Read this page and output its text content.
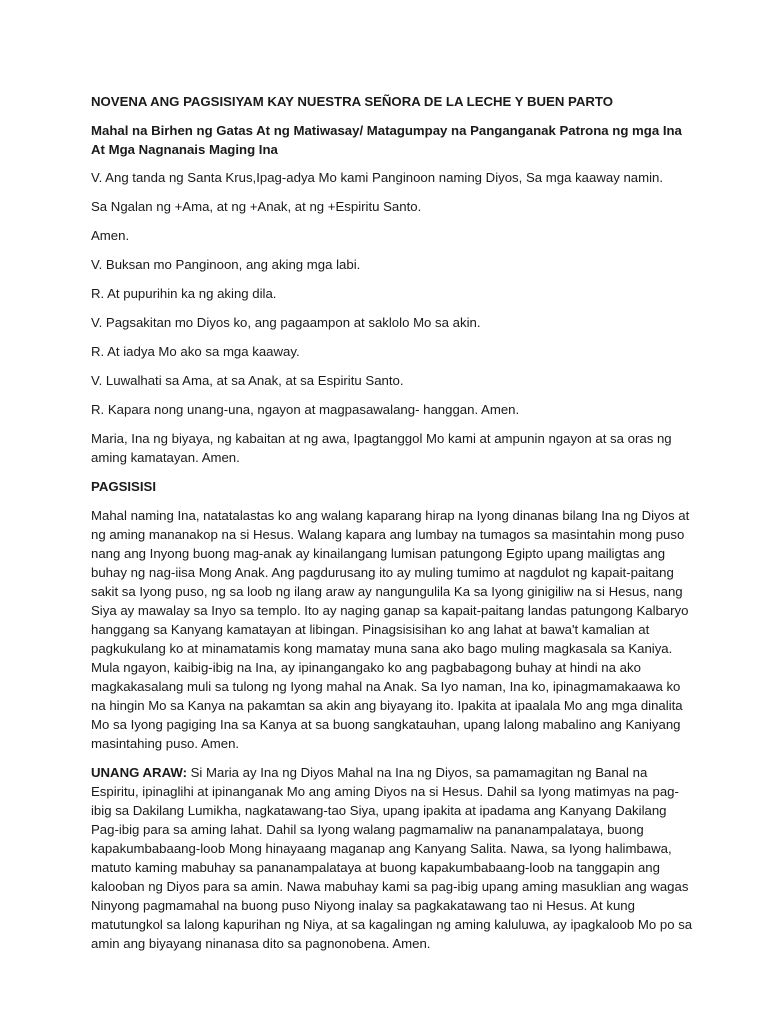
NOVENA ANG PAGSISIYAM KAY NUESTRA SEÑORA DE LA LECHE Y BUEN PARTO
Mahal na Birhen ng Gatas At ng Matiwasay/ Matagumpay na Panganganak Patrona ng mga Ina At Mga Nagnanais Maging Ina
V. Ang tanda ng Santa Krus,Ipag-adya Mo kami Panginoon naming Diyos, Sa mga kaaway namin.
Sa Ngalan ng +Ama, at ng +Anak, at ng +Espiritu Santo.
Amen.
V. Buksan mo Panginoon, ang aking mga labi.
R. At pupurihin ka ng aking dila.
V. Pagsakitan mo Diyos ko, ang pagaampon at saklolo Mo sa akin.
R. At iadya Mo ako sa mga kaaway.
V. Luwalhati sa Ama, at sa Anak, at sa Espiritu Santo.
R. Kapara nong unang-una, ngayon at magpasawalang- hanggan. Amen.
Maria, Ina ng biyaya, ng kabaitan at ng awa, Ipagtanggol Mo kami at ampunin ngayon at sa oras ng aming kamatayan. Amen.
PAGSISISI
Mahal naming Ina, natatalastas ko ang walang kaparang hirap na Iyong dinanas bilang Ina ng Diyos at ng aming mananakop na si Hesus. Walang kapara ang lumbay na tumagos sa masintahin mong puso nang ang Inyong buong mag-anak ay kinailangang lumisan patungong Egipto upang mailigtas ang buhay ng nag-iisa Mong Anak. Ang pagdurusang ito ay muling tumimo at nagdulot ng kapait-paitang sakit sa Iyong puso, ng sa loob ng ilang araw ay nangungulila Ka sa Iyong ginigiliw na si Hesus, nang Siya ay mawalay sa Inyo sa templo. Ito ay naging ganap sa kapait-paitang landas patungong Kalbaryo hanggang sa Kanyang kamatayan at libingan. Pinagsisisihan ko ang lahat at bawa't kamalian at pagkukulang ko at minamatamis kong mamatay muna sana ako bago muling magkasala sa Kaniya. Mula ngayon, kaibig-ibig na Ina, ay ipinangangako ko ang pagbabagong buhay at hindi na ako magkakasalang muli sa tulong ng Iyong mahal na Anak. Sa Iyo naman, Ina ko, ipinagmamakaawa ko na hingin Mo sa Kanya na pakamtan sa akin ang biyayang ito. Ipakita at ipaalala Mo ang mga dinalita Mo sa Iyong pagiging Ina sa Kanya at sa buong sangkatauhan, upang lalong mabalino ang Kaniyang masintahing puso. Amen.
UNANG ARAW: Si Maria ay Ina ng Diyos Mahal na Ina ng Diyos, sa pamamagitan ng Banal na Espiritu, ipinaglihi at ipinanganak Mo ang aming Diyos na si Hesus. Dahil sa Iyong matimyas na pag-ibig sa Dakilang Lumikha, nagkatawang-tao Siya, upang ipakita at ipadama ang Kanyang Dakilang Pag-ibig para sa aming lahat. Dahil sa Iyong walang pagmamaliw na pananampalataya, buong kapakumbabaang-loob Mong hinayaang maganap ang Kanyang Salita. Nawa, sa Iyong halimbawa, matuto kaming mabuhay sa pananampalataya at buong kapakumbabaang-loob na tanggapin ang kalooban ng Diyos para sa amin. Nawa mabuhay kami sa pag-ibig upang aming masuklian ang wagas Ninyong pagmamahal na buong puso Niyong inalay sa pagkakatawang tao ni Hesus. At kung matutungkol sa lalong kapurihan ng Niya, at sa kagalingan ng aming kaluluwa, ay ipagkaloob Mo po sa amin ang biyayang ninanasa dito sa pagnonobena. Amen.
